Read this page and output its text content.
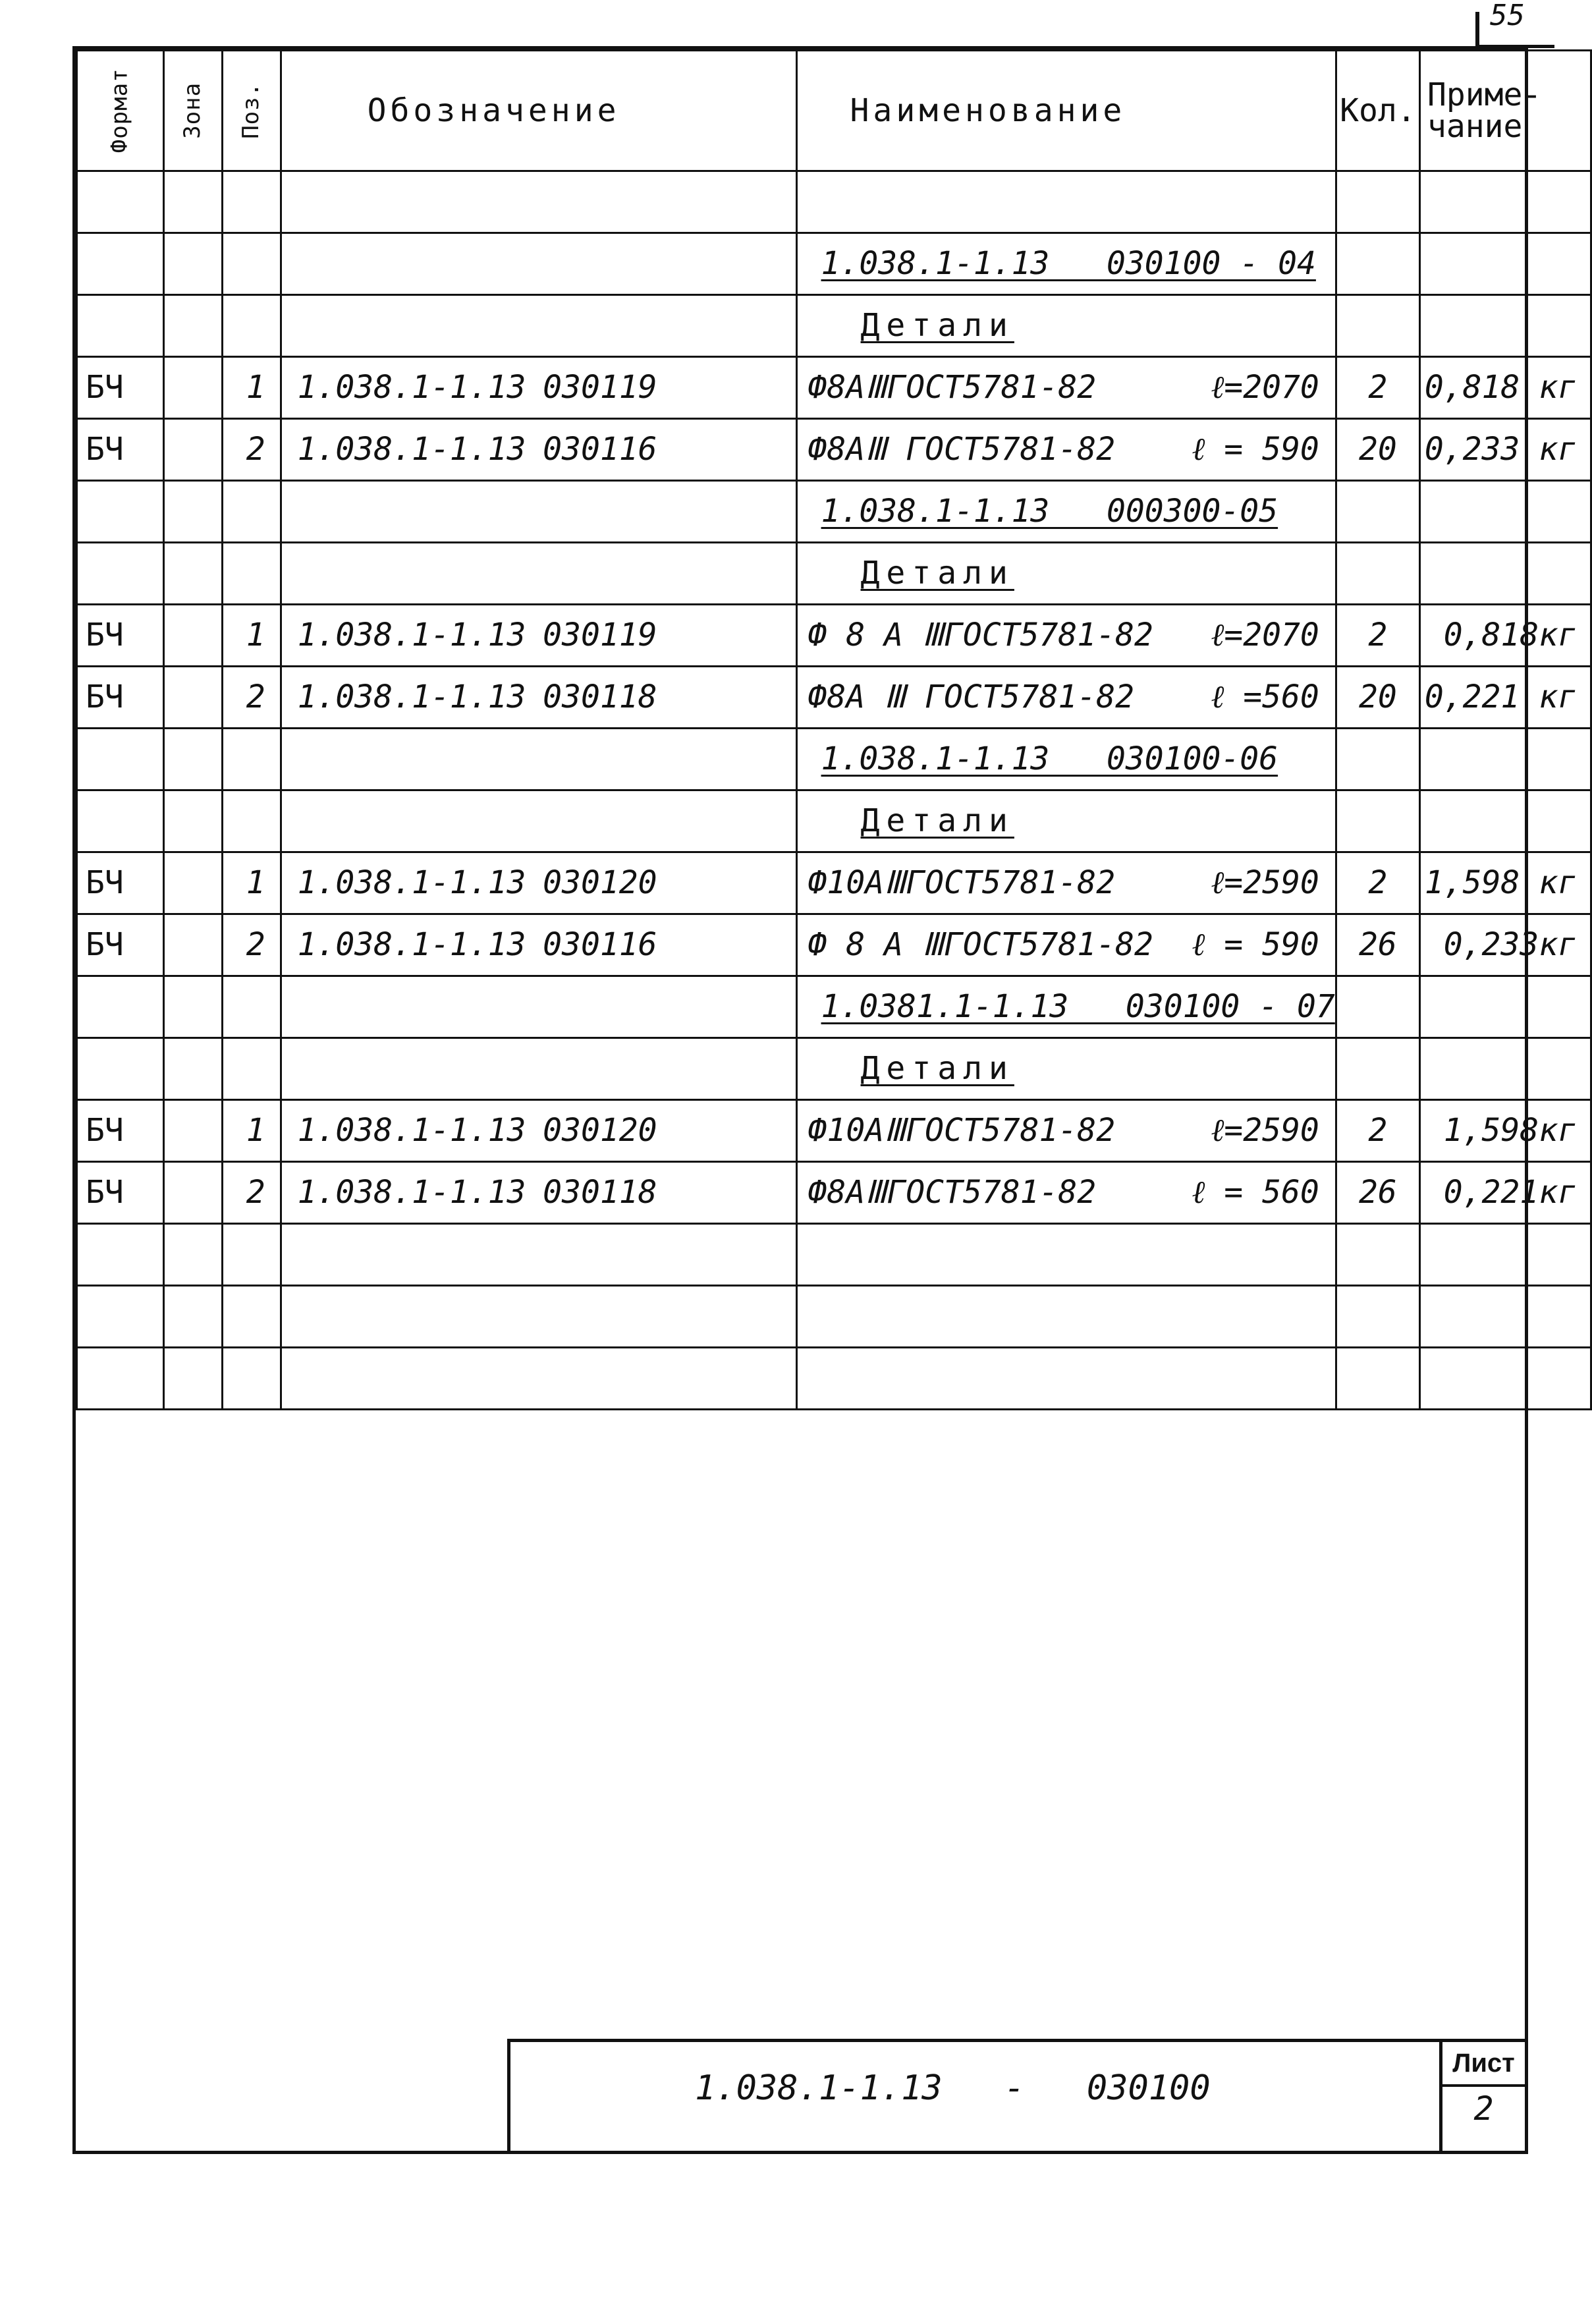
55
Формат	Зона	Поз.	Обозначение	Наименование	Кол.	Приме-
чание

				1.038.1-1.13   030100 - 04		
				Детали		
БЧ		1	1.038.1-1.13 030119	Ф8АⅢГОСТ5781-82 ℓ=2070	2	0,818 кг
БЧ		2	1.038.1-1.13 030116	Ф8АⅢ ГОСТ5781-82 ℓ = 590	20	0,233 кг
				1.038.1-1.13   000300-05		
				Детали		
БЧ		1	1.038.1-1.13 030119	Ф 8 А ⅢГОСТ5781-82 ℓ=2070	2	0,818кг
БЧ		2	1.038.1-1.13 030118	Ф8А Ⅲ ГОСТ5781-82 ℓ =560	20	0,221 кг
				1.038.1-1.13   030100-06		
				Детали		
БЧ		1	1.038.1-1.13 030120	Ф10АⅢГОСТ5781-82 ℓ=2590	2	1,598 кг
БЧ		2	1.038.1-1.13 030116	Ф 8 А ⅢГОСТ5781-82 ℓ = 590	26	0,233кг
				1.0381.1-1.13   030100 - 07		
				Детали		
БЧ		1	1.038.1-1.13 030120	Ф10АⅢГОСТ5781-82 ℓ=2590	2	1,598кг
БЧ		2	1.038.1-1.13 030118	Ф8АⅢГОСТ5781-82 ℓ = 560	26	0,221кг

1.038.1-1.13   -   030100
Лист
2
